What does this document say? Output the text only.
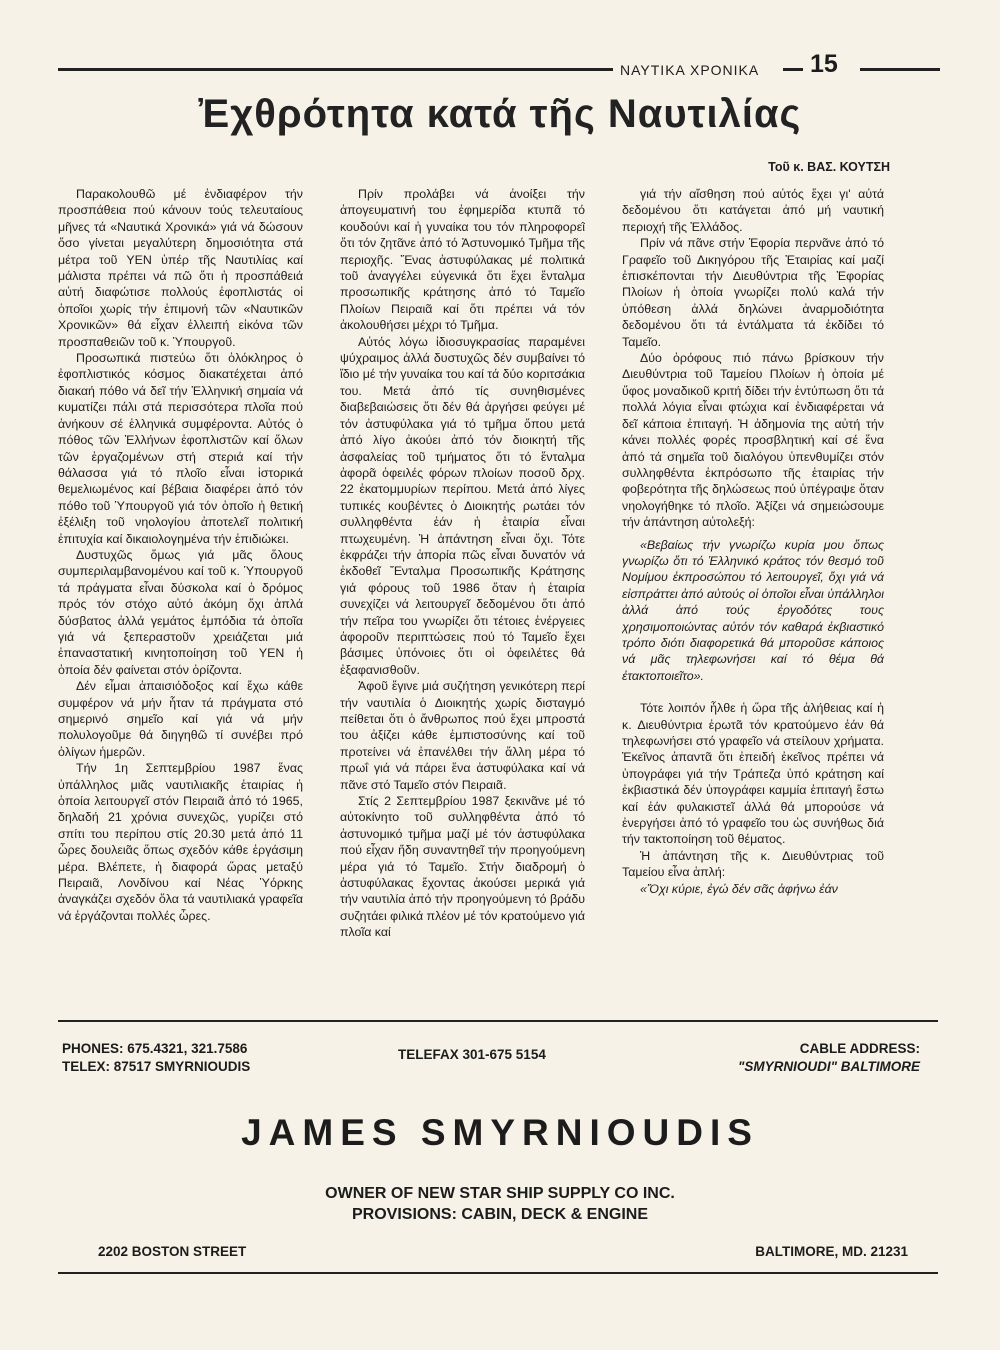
ΝΑΥΤΙΚΑ ΧΡΟΝΙΚΑ 15
Ἐχθρότητα κατά τῆς Ναυτιλίας
Τοῦ κ. ΒΑΣ. ΚΟΥΤΣΗ

Παρακολουθῶ μέ ἐνδιαφέρον τήν προσπάθεια πού κάνουν τούς τελευταίους μῆνες τά «Ναυτικά Χρονικά» γιά νά δώσουν ὅσο γίνεται μεγαλύτερη δημοσιότητα στά μέτρα τοῦ ΥΕΝ ὑπέρ τῆς Ναυτιλίας καί μάλιστα πρέπει νά πῶ ὅτι ἡ προσπάθειά αὐτή διαφώτισε πολλούς ἐφοπλιστάς οἱ ὁποῖοι χωρίς τήν ἐπιμονή τῶν «Ναυτικῶν Χρονικῶν» θά εἶχαν ἐλλειπή εἰκόνα τῶν προσπαθειῶν τοῦ κ. Ὑπουργοῦ.

Προσωπικά πιστεύω ὅτι ὁλόκληρος ὁ ἐφοπλιστικός κόσμος διακατέχεται ἀπό διακαή πόθο νά δεῖ τήν Ἑλληνική σημαία νά κυματίζει πάλι στά περισσότερα πλοῖα πού ἀνήκουν σέ ἑλληνικά συμφέροντα. Αὐτός ὁ πόθος τῶν Ἑλλήνων ἐφοπλιστῶν καί ὅλων τῶν ἐργαζομένων στή στεριά καί τήν θάλασσα γιά τό πλοῖο εἶναι ἱστορικά θεμελιωμένος καί βέβαια διαφέρει ἀπό τόν πόθο τοῦ Ὑπουργοῦ γιά τόν ὁποῖο ἡ θετική ἐξέλιξη τοῦ νηολογίου ἀποτελεῖ πολιτική ἐπιτυχία καί δικαιολογημένα τήν ἐπιδιώκει.

Δυστυχῶς ὅμως γιά μᾶς ὅλους συμπεριλαμβανομένου καί τοῦ κ. Ὑπουργοῦ τά πράγματα εἶναι δύσκολα καί ὁ δρόμος πρός τόν στόχο αὐτό ἀκόμη ὄχι ἁπλά δύσβατος ἀλλά γεμάτος ἐμπόδια τά ὁποῖα γιά νά ξεπεραστοῦν χρειάζεται μιά ἐπαναστατική κινητοποίηση τοῦ ΥΕΝ ἡ ὁποία δέν φαίνεται στόν ὁρίζοντα.

Δέν εἶμαι ἀπαισιόδοξος καί ἔχω κάθε συμφέρον νά μήν ἦταν τά πράγματα στό σημερινό σημεῖο καί γιά νά μήν πολυλογοῦμε θά διηγηθῶ τί συνέβει πρό ὀλίγων ἡμερῶν.

Τήν 1η Σεπτεμβρίου 1987 ἕνας ὑπάλληλος μιᾶς ναυτιλιακῆς ἑταιρίας ἡ ὁποία λειτουργεῖ στόν Πειραιᾶ ἀπό τό 1965, δηλαδή 21 χρόνια συνεχῶς, γυρίζει στό σπίτι του περίπου στίς 20.30 μετά ἀπό 11 ὧρες δουλειᾶς ὅπως σχεδόν κάθε ἐργάσιμη μέρα. Βλέπετε, ἡ διαφορά ὥρας μεταξύ Πειραιᾶ, Λονδίνου καί Νέας Ὑόρκης ἀναγκάζει σχεδόν ὅλα τά ναυτιλιακά γραφεῖα νά ἐργάζονται πολλές ὧρες.

Πρίν προλάβει νά ἀνοίξει τήν ἀπογευματινή του ἐφημερίδα κτυπᾶ τό κουδούνι καί ἡ γυναίκα του τόν πληροφορεῖ ὅτι τόν ζητᾶνε ἀπό τό Ἀστυνομικό Τμῆμα τῆς περιοχῆς. Ἕνας ἀστυφύλακας μέ πολιτικά τοῦ ἀναγγέλει εὐγενικά ὅτι ἔχει ἔνταλμα προσωπικῆς κράτησης ἀπό τό Ταμεῖο Πλοίων Πειραιᾶ καί ὅτι πρέπει νά τόν ἀκολουθήσει μέχρι τό Τμῆμα.

Αὐτός λόγω ἰδιοσυγκρασίας παραμένει ψύχραιμος ἀλλά δυστυχῶς δέν συμβαίνει τό ἴδιο μέ τήν γυναίκα του καί τά δύο κοριτσάκια του. Μετά ἀπό τίς συνηθισμένες διαβεβαιώσεις ὅτι δέν θά ἀργήσει φεύγει μέ τόν ἀστυφύλακα γιά τό τμῆμα ὅπου μετά ἀπό λίγο ἀκούει ἀπό τόν διοικητή τῆς ἀσφαλείας τοῦ τμήματος ὅτι τό ἔνταλμα ἀφορᾶ ὀφειλές φόρων πλοίων ποσοῦ δρχ. 22 ἑκατομμυρίων περίπου. Μετά ἀπό λίγες τυπικές κουβέντες ὁ Διοικητής ρωτάει τόν συλληφθέντα ἐάν ἡ ἑταιρία εἶναι πτωχευμένη. Ἡ ἀπάντηση εἶναι ὄχι. Τότε ἐκφράζει τήν ἀπορία πῶς εἶναι δυνατόν νά ἐκδοθεῖ Ἔνταλμα Προσωπικῆς Κράτησης γιά φόρους τοῦ 1986 ὅταν ἡ ἑταιρία συνεχίζει νά λειτουργεῖ δεδομένου ὅτι ἀπό τήν πεῖρα του γνωρίζει ὅτι τέτοιες ἐνέργειες ἀφοροῦν περιπτώσεις πού τό Ταμεῖο ἔχει βάσιμες ὑπόνοιες ὅτι οἱ ὀφειλέτες θά ἐξαφανισθοῦν.

Ἀφοῦ ἔγινε μιά συζήτηση γενικότερη περί τήν ναυτιλία ὁ Διοικητής χωρίς δισταγμό πείθεται ὅτι ὁ ἄνθρωπος πού ἔχει μπροστά του ἀξίζει κάθε ἐμπιστοσύνης καί τοῦ προτείνει νά ἐπανέλθει τήν ἄλλη μέρα τό πρωΐ γιά νά πάρει ἕνα ἀστυφύλακα καί νά πᾶνε στό Ταμεῖο στόν Πειραιᾶ.

Στίς 2 Σεπτεμβρίου 1987 ξεκινᾶνε μέ τό αὐτοκίνητο τοῦ συλληφθέντα ἀπό τό ἀστυνομικό τμῆμα μαζί μέ τόν ἀστυφύλακα πού εἶχαν ἤδη συναντηθεῖ τήν προηγούμενη μέρα γιά τό Ταμεῖο. Στήν διαδρομή ὁ ἀστυφύλακας ἔχοντας ἀκούσει μερικά γιά τήν ναυτιλία ἀπό τήν προηγούμενη τό βράδυ συζητάει φιλικά πλέον μέ τόν κρατούμενο γιά πλοῖα καί

γιά τήν αἴσθηση πού αὐτός ἔχει γι' αὐτά δεδομένου ὅτι κατάγεται ἀπό μή ναυτική περιοχή τῆς Ἑλλάδος.

Πρίν νά πᾶνε στήν Ἐφορία περνᾶνε ἀπό τό Γραφεῖο τοῦ Δικηγόρου τῆς Ἑταιρίας καί μαζί ἐπισκέπονται τήν Διευθύντρια τῆς Ἐφορίας Πλοίων ἡ ὁποία γνωρίζει πολύ καλά τήν ὑπόθεση ἀλλά δηλώνει ἀναρμοδιότητα δεδομένου ὅτι τά ἐντάλματα τά ἐκδίδει τό Ταμεῖο.

Δύο ὀρόφους πιό πάνω βρίσκουν τήν Διευθύντρια τοῦ Ταμείου Πλοίων ἡ ὁποία μέ ὕφος μοναδικοῦ κριτή δίδει τήν ἐντύπωση ὅτι τά πολλά λόγια εἶναι φτώχια καί ἐνδιαφέρεται νά δεῖ κάποια ἐπιταγή. Ἡ ἀδημονία της αὐτή τήν κάνει πολλές φορές προσβλητική καί σέ ἕνα ἀπό τά σημεῖα τοῦ διαλόγου ὑπενθυμίζει στόν συλληφθέντα ἐκπρόσωπο τῆς ἑταιρίας τήν φοβερότητα τῆς δηλώσεως πού ὑπέγραψε ὅταν νηολογήθηκε τό πλοῖο. Ἀξίζει νά σημειώσουμε τήν ἀπάντηση αὐτολεξή:

«Βεβαίως τήν γνωρίζω κυρία μου ὅπως γνωρίζω ὅτι τό Ἑλληνικό κράτος τόν θεσμό τοῦ Νομίμου ἐκπροσώπου τό λειτουργεῖ, ὄχι γιά νά εἰσπράττει ἀπό αὐτούς οἱ ὁποῖοι εἶναι ὑπάλληλοι ἀλλά ἀπό τούς ἐργοδότες τους χρησιμοποιώντας αὐτόν τόν καθαρά ἐκβιαστικό τρόπο διότι διαφορετικά θά μποροῦσε κάποιος νά μᾶς τηλεφωνήσει καί τό θέμα θά ἐτακτοποιεῖτο».

Τότε λοιπόν ἦλθε ἡ ὥρα τῆς ἀλήθειας καί ἡ κ. Διευθύντρια ἐρωτᾶ τόν κρατούμενο ἐάν θά τηλεφωνήσει στό γραφεῖο νά στείλουν χρήματα. Ἐκεῖνος ἀπαντᾶ ὅτι ἐπειδή ἐκεῖνος πρέπει νά ὑπογράφει γιά τήν Τράπεζα ὑπό κράτηση καί ἐκβιαστικά δέν ὑπογράφει καμμία ἐπιταγή ἔστω καί ἐάν φυλακιστεῖ ἀλλά θά μπορούσε νά ἐνεργήσει ἀπό τό γραφεῖο του ὡς συνήθως διά τήν τακτοποίηση τοῦ θέματος.

Ἡ ἀπάντηση τῆς κ. Διευθύντριας τοῦ Ταμείου εἶνα ἁπλή:

«Ὄχι κύριε, ἐγώ δέν σᾶς ἀφήνω ἐάν

PHONES: 675.4321, 321.7586
TELEX: 87517 SMYRNIOUDIS
TELEFAX 301-675 5154	CABLE ADDRESS:
"SMYRNIOUDI" BALTIMORE
JAMES SMYRNIOUDIS
OWNER OF NEW STAR SHIP SUPPLY CO INC.
PROVISIONS: CABIN, DECK & ENGINE
2202 BOSTON STREET	BALTIMORE, MD. 21231
